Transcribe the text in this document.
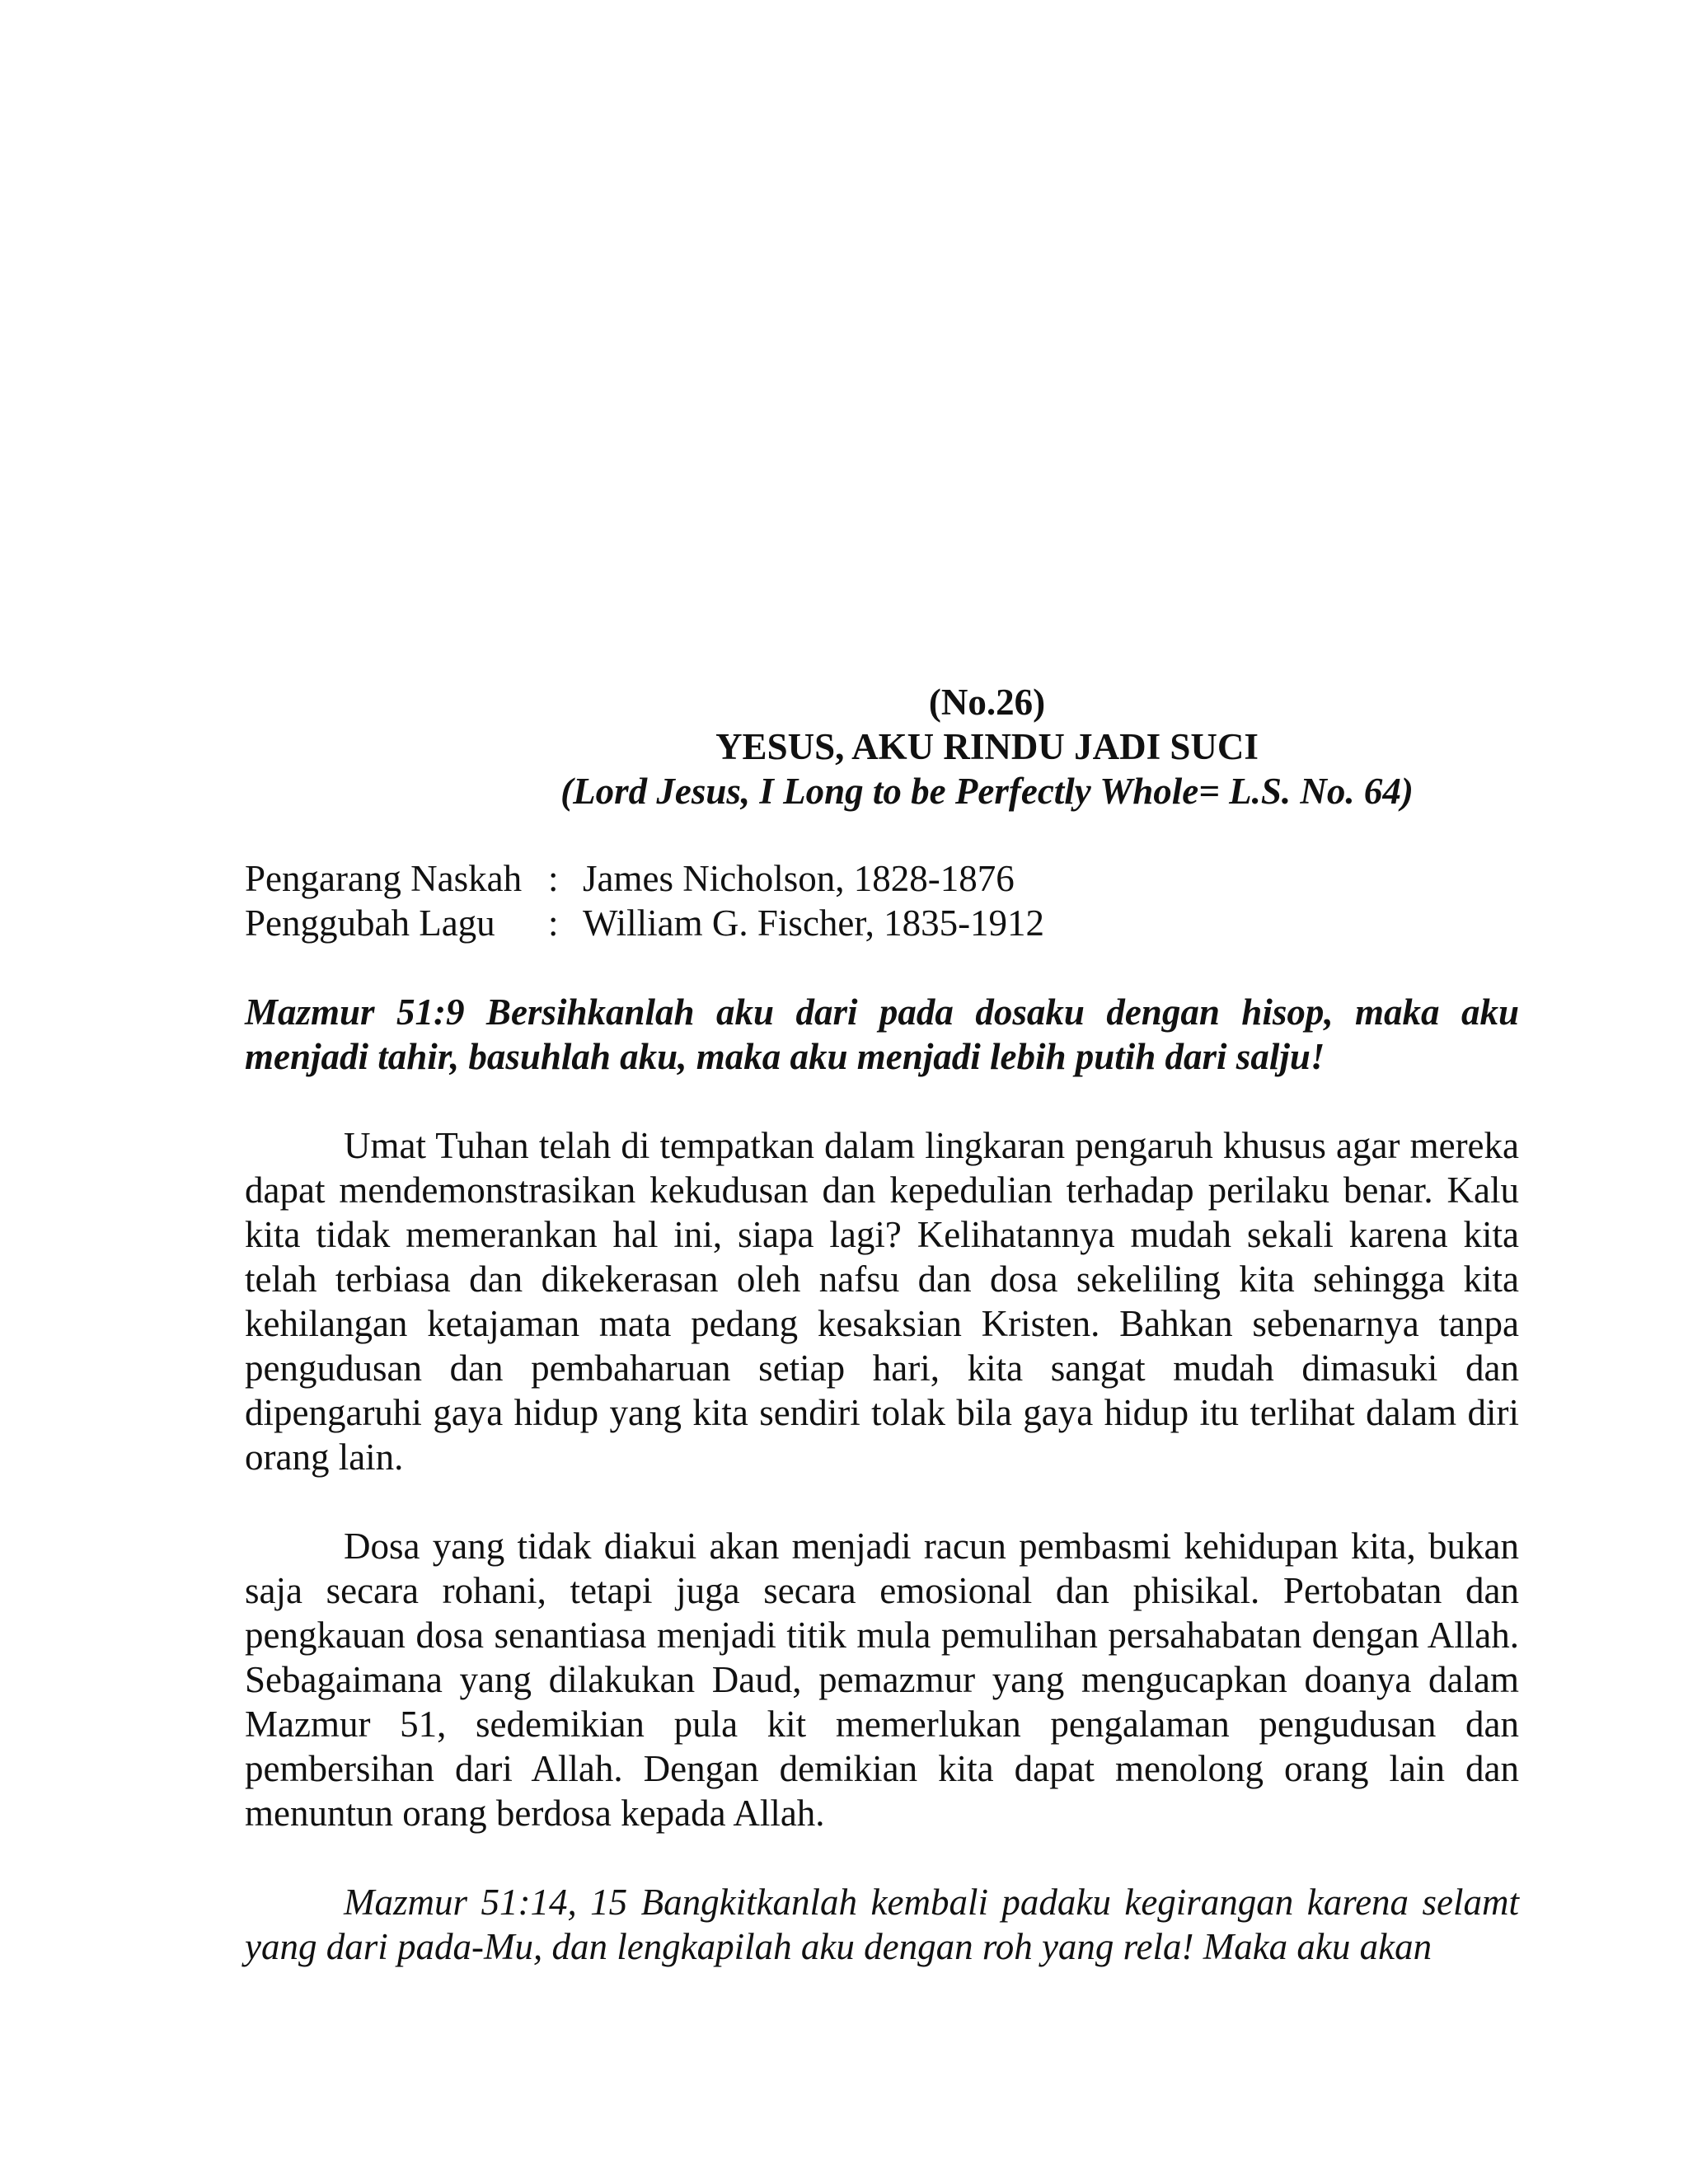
(No.26)

YESUS, AKU RINDU JADI SUCI

(Lord Jesus, I Long to be Perfectly Whole= L.S. No. 64)

Pengarang Naskah : James Nicholson, 1828-1876
Penggubah Lagu	: William G. Fischer, 1835-1912

Mazmur 51:9 Bersihkanlah aku dari pada dosaku dengan hisop, maka aku menjadi tahir, basuhlah aku, maka aku menjadi lebih putih dari salju!

Umat Tuhan telah di tempatkan dalam lingkaran pengaruh khusus agar mereka dapat mendemonstrasikan kekudusan dan kepedulian terhadap perilaku benar. Kalu kita tidak memerankan hal ini, siapa lagi? Kelihatannya mudah sekali karena kita telah terbiasa dan dikekerasan oleh nafsu dan dosa sekeliling kita sehingga kita kehilangan ketajaman mata pedang kesaksian Kristen. Bahkan sebenarnya tanpa pengudusan dan pembaharuan setiap hari, kita sangat mudah dimasuki dan dipengaruhi gaya hidup yang kita sendiri tolak bila gaya hidup itu terlihat dalam diri orang lain.

Dosa yang tidak diakui akan menjadi racun pembasmi kehidupan kita, bukan saja secara rohani, tetapi juga secara emosional dan phisikal. Pertobatan dan pengkauan dosa senantiasa menjadi titik mula pemulihan persahabatan dengan Allah. Sebagaimana yang dilakukan Daud, pemazmur yang mengucapkan doanya dalam Mazmur 51, sedemikian pula kit memerlukan pengalaman pengudusan dan pembersihan dari Allah. Dengan demikian kita dapat menolong orang lain dan menuntun orang berdosa kepada Allah.

Mazmur 51:14, 15 Bangkitkanlah kembali padaku kegirangan karena selamt yang dari pada-Mu, dan lengkapilah aku dengan roh yang rela! Maka aku akan
